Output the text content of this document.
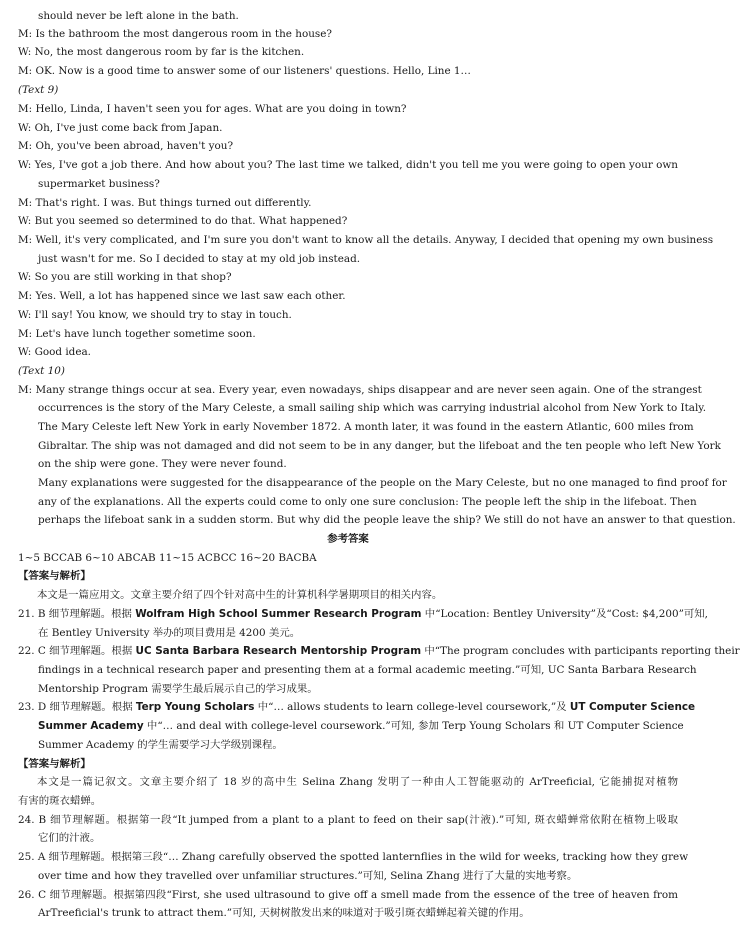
should never be left alone in the bath.
M: Is the bathroom the most dangerous room in the house?
W: No, the most dangerous room by far is the kitchen.
M: OK. Now is a good time to answer some of our listeners' questions. Hello, Line 1…
(Text 9)
M: Hello, Linda, I haven't seen you for ages. What are you doing in town?
W: Oh, I've just come back from Japan.
M: Oh, you've been abroad, haven't you?
W: Yes, I've got a job there. And how about you? The last time we talked, didn't you tell me you were going to open your own
supermarket business?
M: That's right. I was. But things turned out differently.
W: But you seemed so determined to do that. What happened?
M: Well, it's very complicated, and I'm sure you don't want to know all the details. Anyway, I decided that opening my own business
just wasn't for me. So I decided to stay at my old job instead.
W: So you are still working in that shop?
M: Yes. Well, a lot has happened since we last saw each other.
W: I'll say! You know, we should try to stay in touch.
M: Let's have lunch together sometime soon.
W: Good idea.
(Text 10)
M: Many strange things occur at sea. Every year, even nowadays, ships disappear and are never seen again. One of the strangest
occurrences is the story of the Mary Celeste, a small sailing ship which was carrying industrial alcohol from New York to Italy.
The Mary Celeste left New York in early November 1872. A month later, it was found in the eastern Atlantic, 600 miles from
Gibraltar. The ship was not damaged and did not seem to be in any danger, but the lifeboat and the ten people who left New York
on the ship were gone. They were never found.
Many explanations were suggested for the disappearance of the people on the Mary Celeste, but no one managed to find proof for
any of the explanations. All the experts could come to only one sure conclusion: The people left the ship in the lifeboat. Then
perhaps the lifeboat sank in a sudden storm. But why did the people leave the ship? We still do not have an answer to that question.
参考答案
1~5 BCCAB 6~10 ABCAB 11~15 ACBCC 16~20 BACBA
【答案与解析】
本文是一篇应用文。文章主要介绍了四个针对高中生的计算机科学暑期项目的相关内容。
21. B 细节理解题。根据 Wolfram High School Summer Research Program 中“Location: Bentley University”及“Cost: $4,200”可知,
在 Bentley University 举办的项目费用是 4200 美元。
22. C 细节理解题。根据 UC Santa Barbara Research Mentorship Program 中“The program concludes with participants reporting their
findings in a technical research paper and presenting them at a formal academic meeting.”可知, UC Santa Barbara Research
Mentorship Program 需要学生最后展示自己的学习成果。
23. D 细节理解题。根据 Terp Young Scholars 中“… allows students to learn college-level coursework,”及 UT Computer Science
Summer Academy 中“… and deal with college-level coursework.”可知, 参加 Terp Young Scholars 和 UT Computer Science
Summer Academy 的学生需要学习大学级别课程。
【答案与解析】
本文是一篇记叙文。文章主要介绍了 18 岁的高中生 Selina Zhang 发明了一种由人工智能驱动的 ArTreeficial, 它能捕捉对植物
有害的斑衣蜡蝉。
24. B 细节理解题。根据第一段“It jumped from a plant to a plant to feed on their sap(汁液).”可知, 斑衣蜡蝉常依附在植物上吸取
它们的汁液。
25. A 细节理解题。根据第三段“… Zhang carefully observed the spotted lanternflies in the wild for weeks, tracking how they grew
over time and how they travelled over unfamiliar structures.”可知, Selina Zhang 进行了大量的实地考察。
26. C 细节理解题。根据第四段“First, she used ultrasound to give off a smell made from the essence of the tree of heaven from
ArTreeficial's trunk to attract them.”可知, 天树树散发出来的味道对于吸引斑衣蜡蝉起着关键的作用。
